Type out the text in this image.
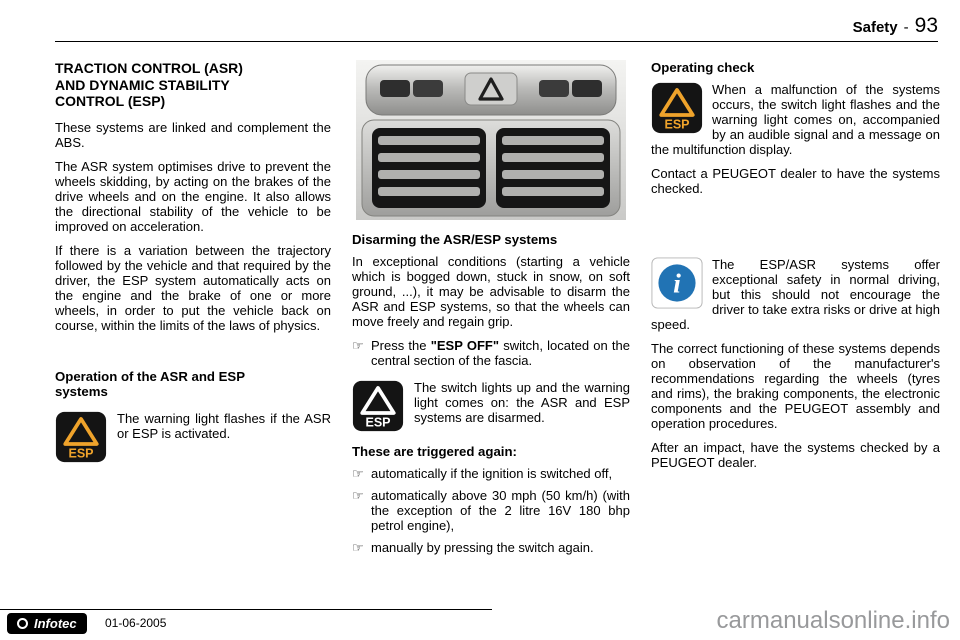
Safety - 93
TRACTION CONTROL (ASR)
AND DYNAMIC STABILITY
CONTROL (ESP)

These systems are linked and complement the ABS.

The ASR system optimises drive to prevent the wheels skidding, by acting on the brakes of the drive wheels and on the engine. It also allows the directional stability of the vehicle to be improved on acceleration.

If there is a variation between the trajectory followed by the vehicle and that required by the driver, the ESP system automatically acts on the engine and the brake of one or more wheels, in order to put the vehicle back on course, within the limits of the laws of physics.

Operation of the ASR and ESP systems
ESP

The warning light flashes if the ASR or ESP is activated.

Disarming the ASR/ESP systems

In exceptional conditions (starting a vehicle which is bogged down, stuck in snow, on soft ground, ...), it may be advisable to disarm the ASR and ESP systems, so that the wheels can move freely and regain grip.

☞ Press the "ESP OFF" switch, located on the central section of the fascia.
ESP

The switch lights up and the warning light comes on: the ASR and ESP systems are disarmed.

These are triggered again:
☞ automatically if the ignition is switched off,
☞ automatically above 30 mph (50 km/h) (with the exception of the 2 litre 16V 180 bhp petrol engine),
☞ manually by pressing the switch again.
Operating check
ESP

When a malfunction of the systems occurs, the switch light flashes and the warning light comes on, accompanied by an audible signal and a message on the multifunction display.

Contact a PEUGEOT dealer to have the systems checked.

i

The ESP/ASR systems offer exceptional safety in normal driving, but this should not encourage the driver to take extra risks or drive at high speed.

The correct functioning of these systems depends on observation of the manufacturer's recommendations regarding the wheels (tyres and rims), the braking components, the electronic components and the PEUGEOT assembly and operation procedures.

After an impact, have the systems checked by a PEUGEOT dealer.

Infotec 01-06-2005	carmanualsonline.info
